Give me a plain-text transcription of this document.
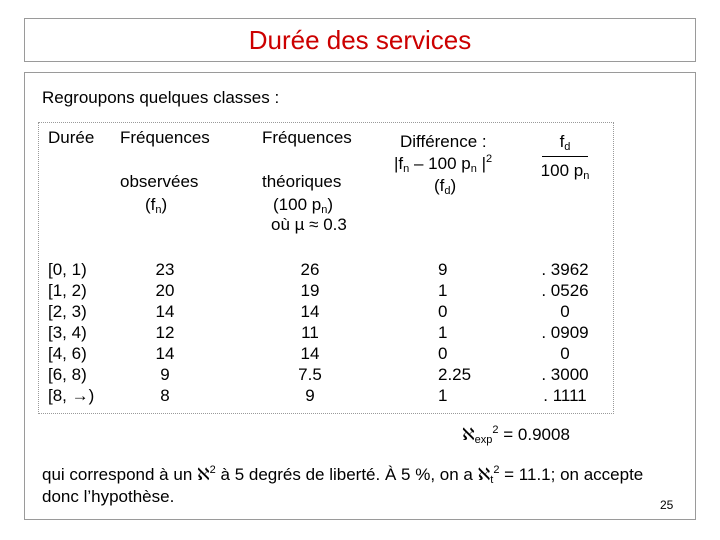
Durée des services
Regroupons quelques classes :
Durée Fréquences
observées
$(f_n)$
Fréquences
théoriques
(100 $p_n$)
où µ ≈ 0.3
Différence :
$|f_n - 100$ $p_n$ $|^2$
$(f_d)$
$f_d$
100 $p_n$
[0, 1)
[1, 2)
[2, 3)
[3, 4)
[4, 6)
[6, 8)
[8, →)
23
20
14
12
14
9
8
26
19
14
11
14
7.5
9
9
1
0
1
0
2.25
1
. 3962
. 0526
0
. 0909
0
. 3000
. 1111
ℵ$_{exp}^2$ = 0.9008
qui correspond à un ℵ$^2$ à 5 degrés de liberté. À 5 %, on a ℵ$_t^2$ = 11.1; on accepte donc l’hypothèse.	25
